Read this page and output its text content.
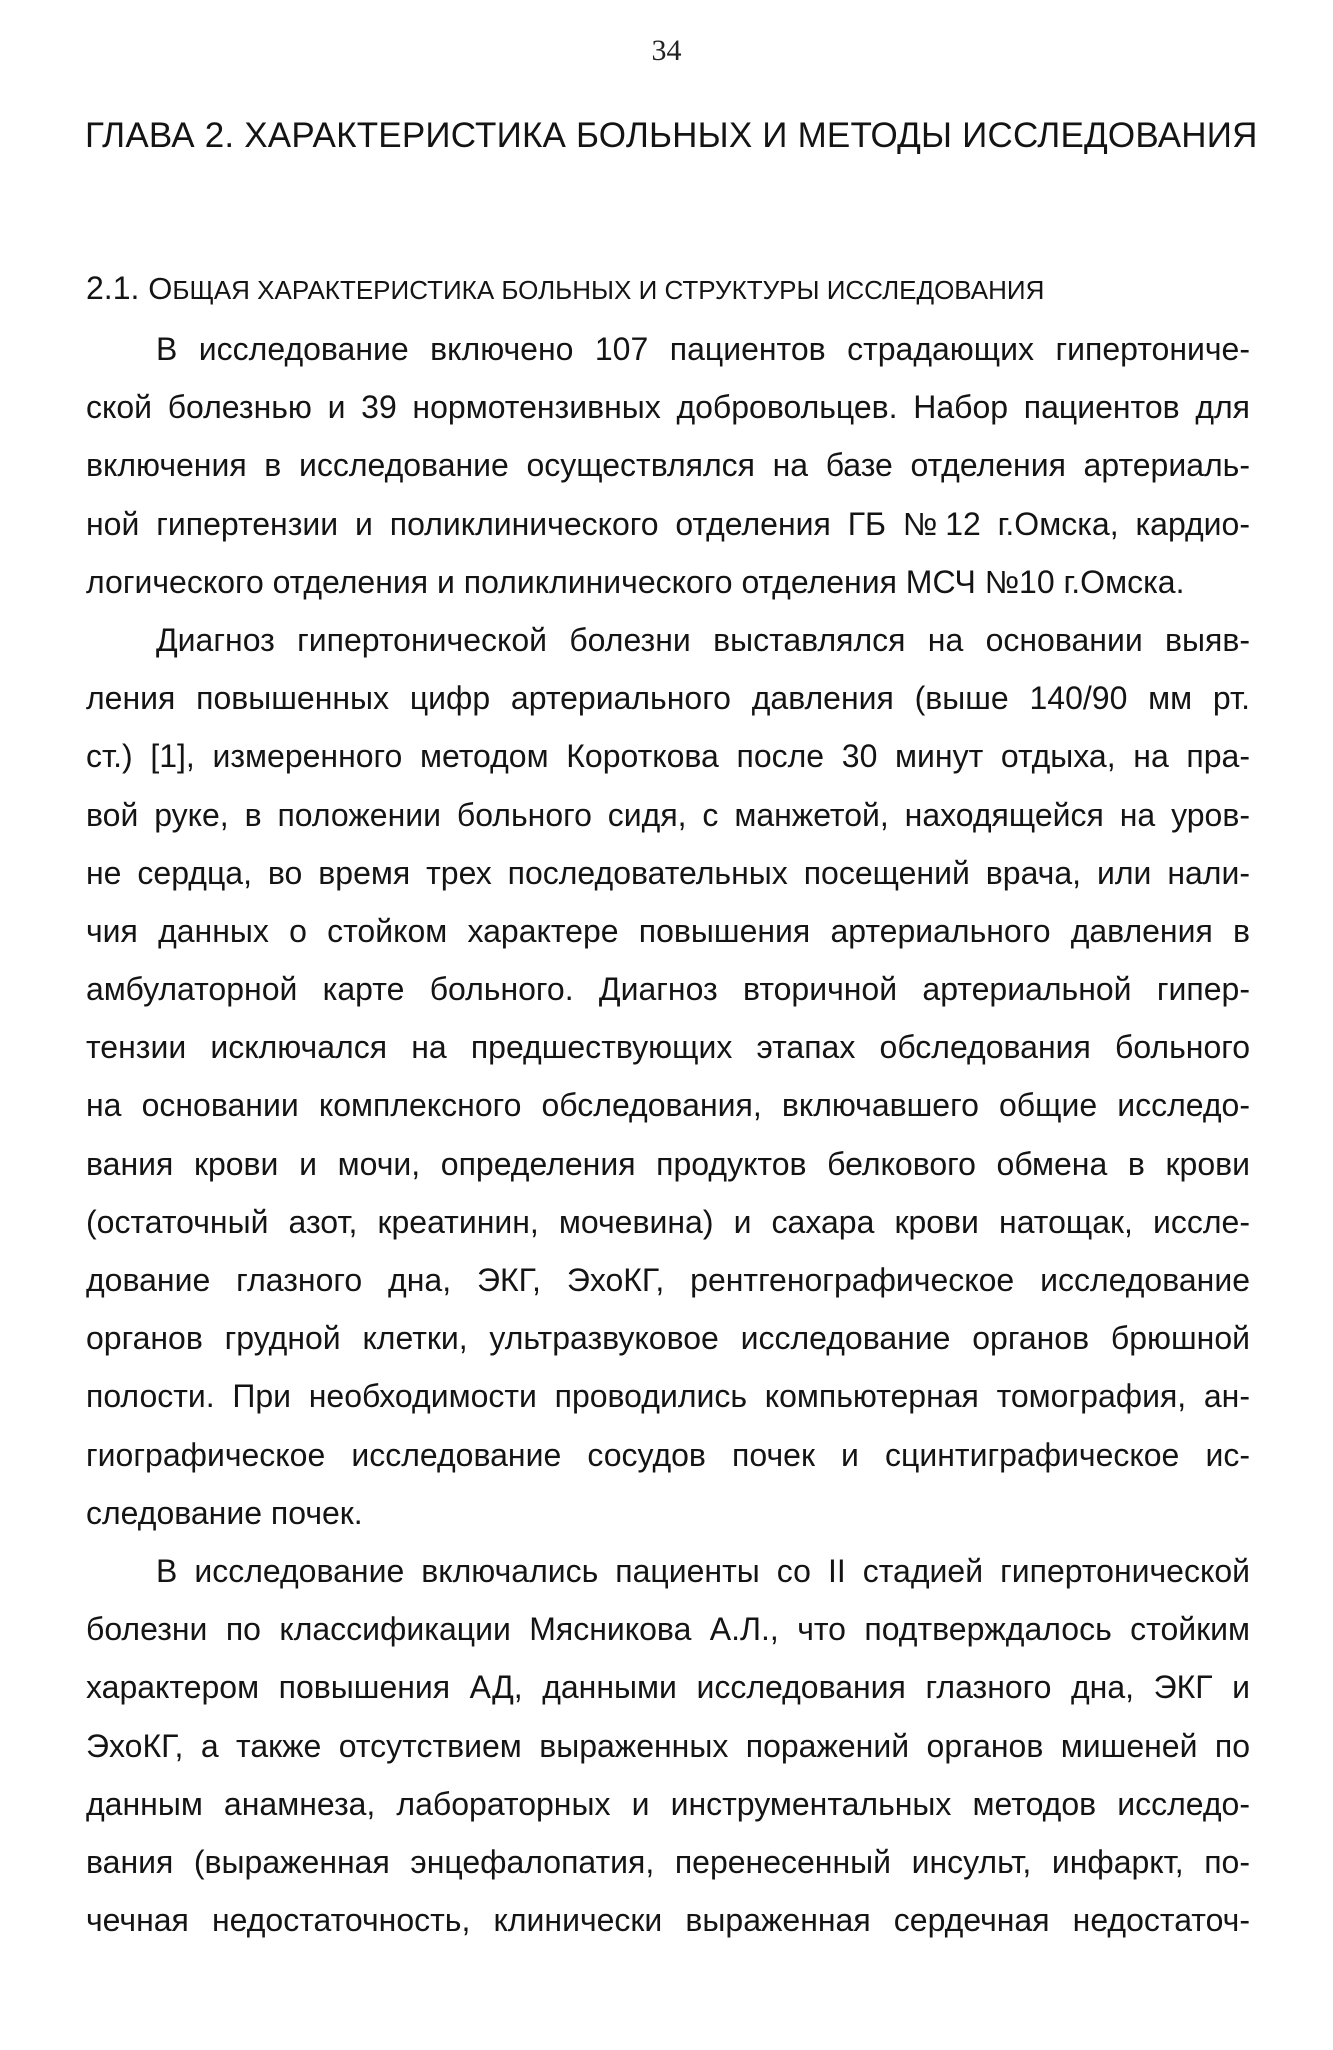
34
ГЛАВА 2. ХАРАКТЕРИСТИКА БОЛЬНЫХ И МЕТОДЫ ИССЛЕДОВАНИЯ
2.1. ОБЩАЯ ХАРАКТЕРИСТИКА БОЛЬНЫХ И СТРУКТУРЫ ИССЛЕДОВАНИЯ
В исследование включено 107 пациентов страдающих гипертониче-
ской болезнью и 39 нормотензивных добровольцев. Набор пациентов для
включения в исследование осуществлялся на базе отделения артериаль-
ной гипертензии и поликлинического отделения ГБ №12 г.Омска, кардио-
логического отделения и поликлинического отделения МСЧ №10 г.Омска.
Диагноз гипертонической болезни выставлялся на основании выяв-
ления повышенных цифр артериального давления (выше 140/90 мм рт.
ст.) [1], измеренного методом Короткова после 30 минут отдыха, на пра-
вой руке, в положении больного сидя, с манжетой, находящейся на уров-
не сердца, во время трех последовательных посещений врача, или нали-
чия данных о стойком характере повышения артериального давления в
амбулаторной карте больного. Диагноз вторичной артериальной гипер-
тензии исключался на предшествующих этапах обследования больного
на основании комплексного обследования, включавшего общие исследо-
вания крови и мочи, определения продуктов белкового обмена в крови
(остаточный азот, креатинин, мочевина) и сахара крови натощак, иссле-
дование глазного дна, ЭКГ, ЭхоКГ, рентгенографическое исследование
органов грудной клетки, ультразвуковое исследование органов брюшной
полости. При необходимости проводились компьютерная томография, ан-
гиографическое исследование сосудов почек и сцинтиграфическое ис-
следование почек.
В исследование включались пациенты со II стадией гипертонической
болезни по классификации Мясникова А.Л., что подтверждалось стойким
характером повышения АД, данными исследования глазного дна, ЭКГ и
ЭхоКГ, а также отсутствием выраженных поражений органов мишеней по
данным анамнеза, лабораторных и инструментальных методов исследо-
вания (выраженная энцефалопатия, перенесенный инсульт, инфаркт, по-
чечная недостаточность, клинически выраженная сердечная недостаточ-
